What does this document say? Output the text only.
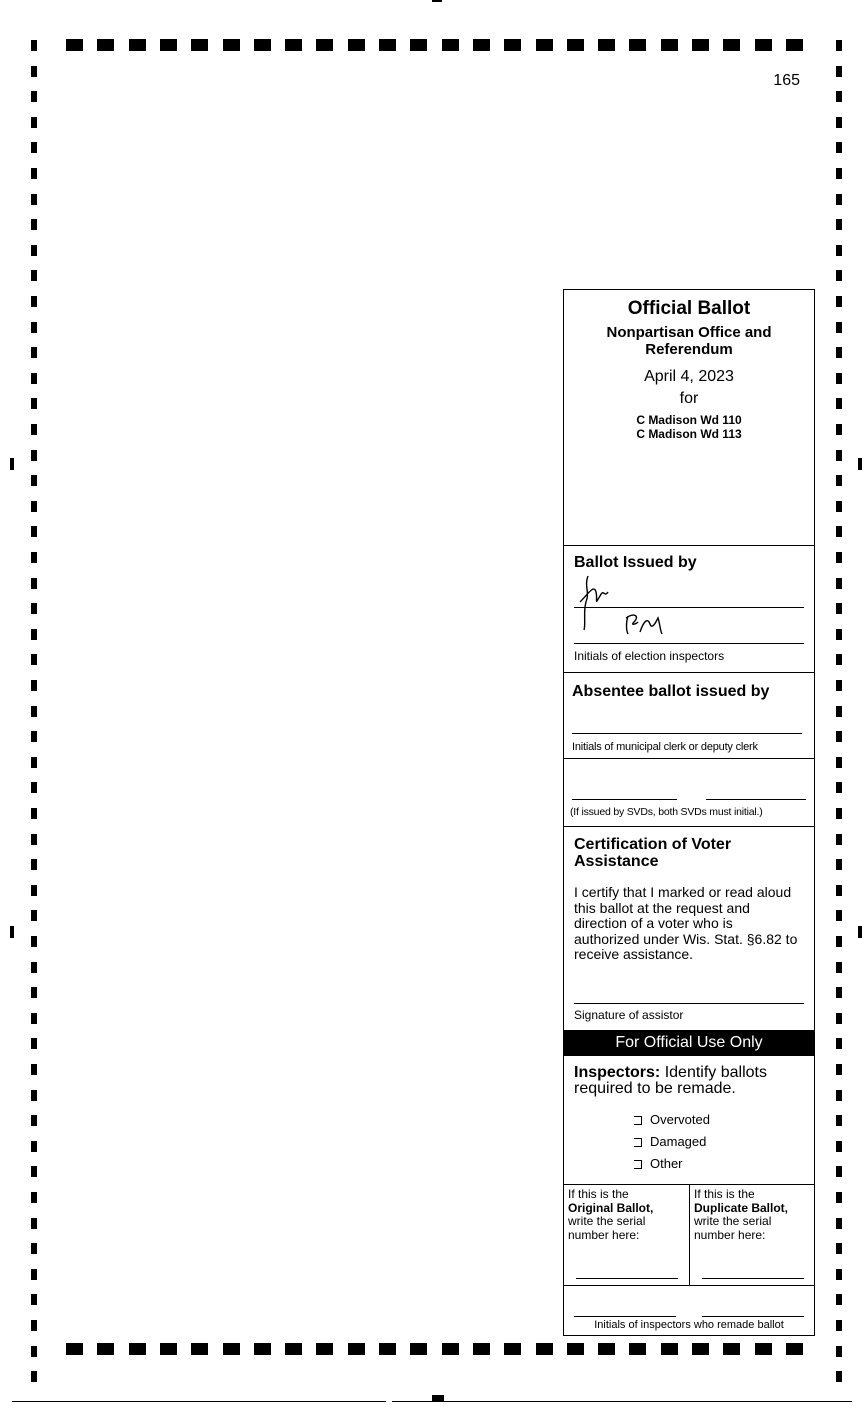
165
Official Ballot
Nonpartisan Office and Referendum
April 4, 2023
for
C Madison Wd 110
C Madison Wd 113
Ballot Issued by
Initials of election inspectors
Absentee ballot issued by
Initials of municipal clerk or deputy clerk
(If issued by SVDs, both SVDs must initial.)
Certification of Voter Assistance
I certify that I marked or read aloud this ballot at the request and direction of a voter who is authorized under Wis. Stat. §6.82 to receive assistance.
Signature of assistor
For Official Use Only
Inspectors: Identify ballots required to be remade.
Overvoted
Damaged
Other
If this is the
Original Ballot,
write the serial number here:
If this is the
Duplicate Ballot,
write the serial number here:
Initials of inspectors who remade ballot
